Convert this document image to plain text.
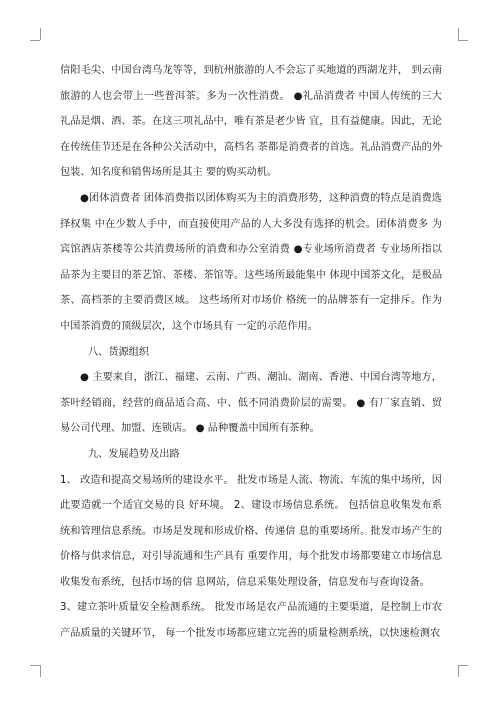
信阳毛尖、中国台湾乌龙等等，到杭州旅游的人不会忘了买地道的西湖龙井， 到云南旅游的人也会带上一些普洱茶。多为一次性消费。 ●礼品消费者 中国人传统的三大礼品是烟、酒、茶。在这三项礼品中，唯有茶是老少皆 宜，且有益健康。因此，无论在传统佳节还是在各种公关活动中，高档名 茶都是消费者的首选。礼品消费产品的外包装、知名度和销售场所是其主 要的购买动机。

●团体消费者 团体消费指以团体购买为主的消费形势，这种消费的特点是消费选择权集 中在少数人手中，而直接使用产品的人大多没有选择的机会。团体消费多 为宾馆酒店茶楼等公共消费场所的消费和办公室消费 ●专业场所消费者 专业场所指以品茶为主要目的茶艺馆、茶楼、茶馆等。这些场所最能集中 体现中国茶文化，是极品茶、高档茶的主要消费区域。 这些场所对市场价 格统一的品牌茶有一定排斥。作为中国茶消费的顶级层次，这个市场具有 一定的示范作用。

八、货源组织

● 主要来自，浙江、福建、云南、广西、潮汕、湖南、香港、中国台湾等地方，茶叶经销商，经营的商品适合高、中、低不同消费阶层的需要。 ● 有厂家直销、贸易公司代理、加盟、连锁店。 ● 品种覆盖中国所有茶种。

九、发展趋势及出路

1、 改造和提高交易场所的建设水平。 批发市场是人流、物流、车流的集中场所，因此要造就一个适宜交易的良 好环境。 2、建设市场信息系统。 包括信息收集发布系统和管理信息系统。市场是发现和形成价格、传递信 息的重要场所。批发市场产生的价格与供求信息，对引导流通和生产具有 重要作用，每个批发市场都要建立市场信息收集发布系统，包括市场的信 息网站，信息采集处理设备，信息发布与查询设备。

3、建立茶叶质量安全检测系统。 批发市场是农产品流通的主要渠道，是控制上市农产品质量的关键环节， 每一个批发市场都应建立完善的质量检测系统，以快速检测农
